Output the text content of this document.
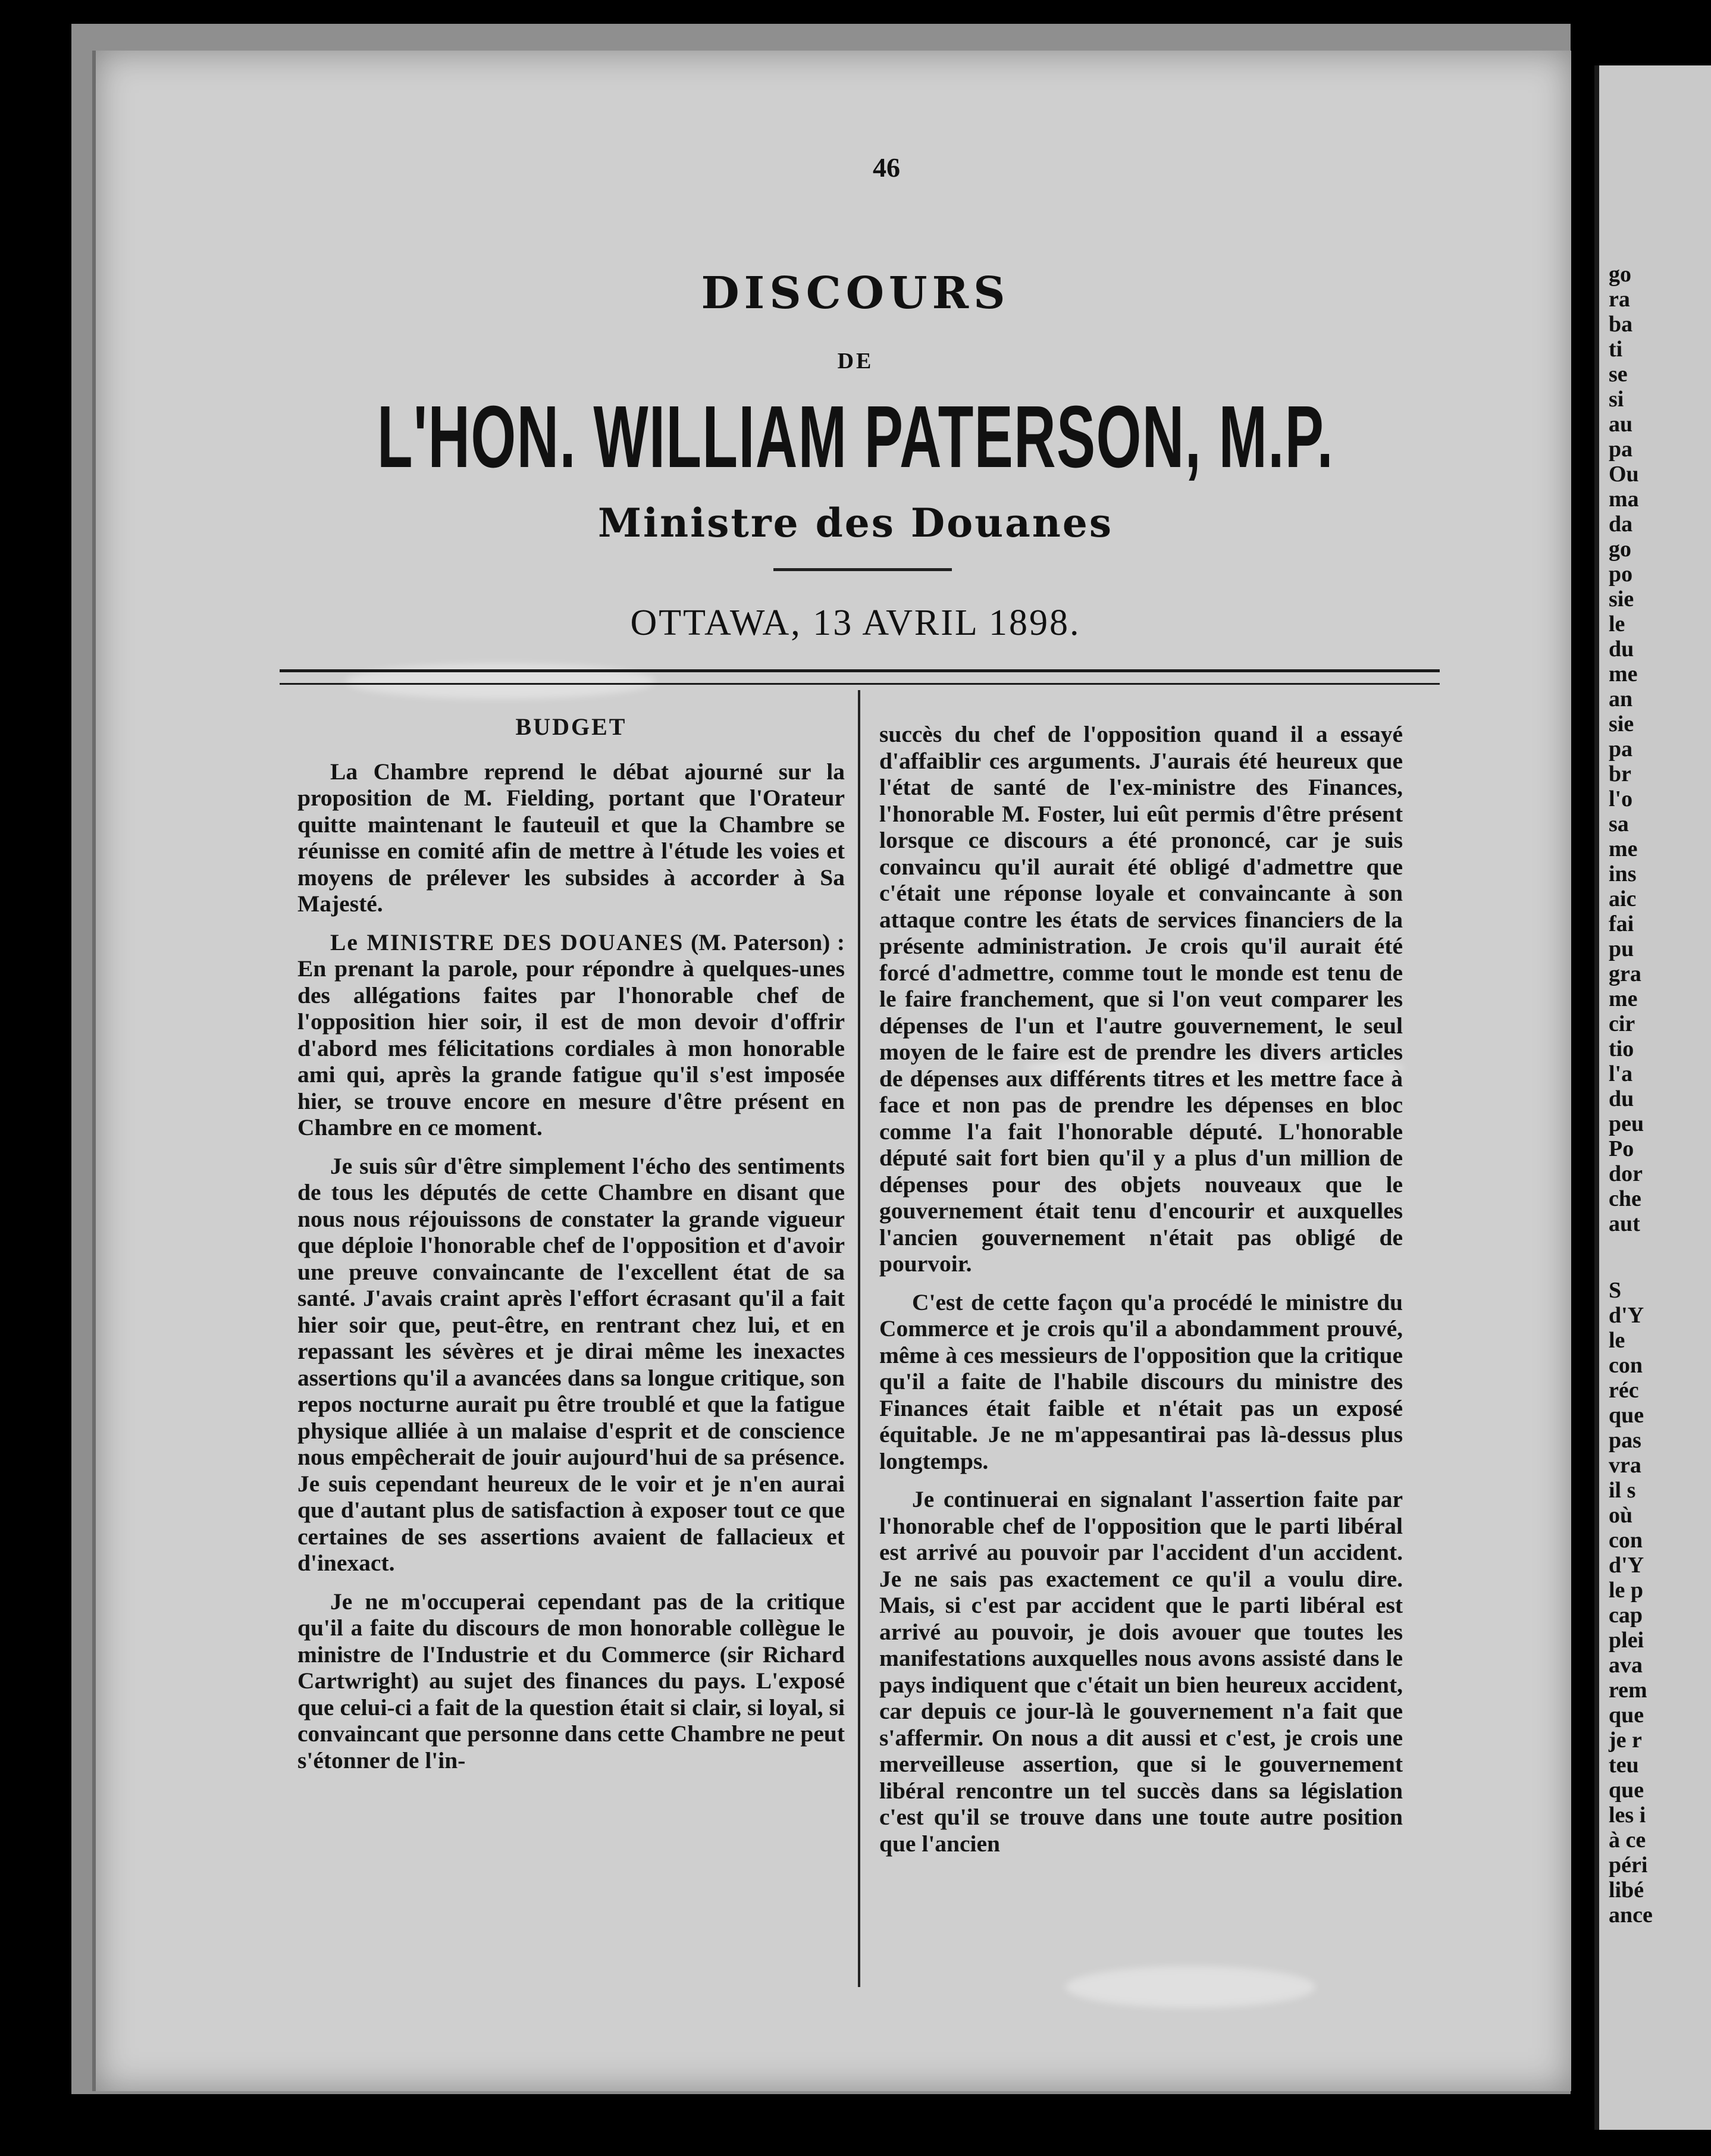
46
DISCOURS
DE
L'HON. WILLIAM PATERSON, M.P.
Ministre des Douanes
OTTAWA, 13 AVRIL 1898.
BUDGET

La Chambre reprend le débat ajourné sur la proposition de M. Fielding, portant que l'Orateur quitte maintenant le fauteuil et que la Chambre se réunisse en comité afin de mettre à l'étude les voies et moyens de prélever les subsides à accorder à Sa Majesté.

Le MINISTRE DES DOUANES (M. Paterson) : En prenant la parole, pour répondre à quelques-unes des allégations faites par l'honorable chef de l'opposition hier soir, il est de mon devoir d'offrir d'abord mes félicitations cordiales à mon honorable ami qui, après la grande fatigue qu'il s'est imposée hier, se trouve encore en mesure d'être présent en Chambre en ce moment.

Je suis sûr d'être simplement l'écho des sentiments de tous les députés de cette Chambre en disant que nous nous réjouissons de constater la grande vigueur que déploie l'honorable chef de l'opposition et d'avoir une preuve convaincante de l'excellent état de sa santé. J'avais craint après l'effort écrasant qu'il a fait hier soir que, peut-être, en rentrant chez lui, et en repassant les sévères et je dirai même les inexactes assertions qu'il a avancées dans sa longue critique, son repos nocturne aurait pu être troublé et que la fatigue physique alliée à un malaise d'esprit et de conscience nous empêcherait de jouir aujourd'hui de sa présence. Je suis cependant heureux de le voir et je n'en aurai que d'autant plus de satisfaction à exposer tout ce que certaines de ses assertions avaient de fallacieux et d'inexact.

Je ne m'occuperai cependant pas de la critique qu'il a faite du discours de mon honorable collègue le ministre de l'Industrie et du Commerce (sir Richard Cartwright) au sujet des finances du pays. L'exposé que celui-ci a fait de la question était si clair, si loyal, si convaincant que personne dans cette Chambre ne peut s'étonner de l'in-

succès du chef de l'opposition quand il a essayé d'affaiblir ces arguments. J'aurais été heureux que l'état de santé de l'ex-ministre des Finances, l'honorable M. Foster, lui eût permis d'être présent lorsque ce discours a été prononcé, car je suis convaincu qu'il aurait été obligé d'admettre que c'était une réponse loyale et convaincante à son attaque contre les états de services financiers de la présente administration. Je crois qu'il aurait été forcé d'admettre, comme tout le monde est tenu de le faire franchement, que si l'on veut comparer les dépenses de l'un et l'autre gouvernement, le seul moyen de le faire est de prendre les divers articles de dépenses aux différents titres et les mettre face à face et non pas de prendre les dépenses en bloc comme l'a fait l'honorable député. L'honorable député sait fort bien qu'il y a plus d'un million de dépenses pour des objets nouveaux que le gouvernement était tenu d'encourir et auxquelles l'ancien gouvernement n'était pas obligé de pourvoir.

C'est de cette façon qu'a procédé le ministre du Commerce et je crois qu'il a abondamment prouvé, même à ces messieurs de l'opposition que la critique qu'il a faite de l'habile discours du ministre des Finances était faible et n'était pas un exposé équitable. Je ne m'appesantirai pas là-dessus plus longtemps.

Je continuerai en signalant l'assertion faite par l'honorable chef de l'opposition que le parti libéral est arrivé au pouvoir par l'accident d'un accident. Je ne sais pas exactement ce qu'il a voulu dire. Mais, si c'est par accident que le parti libéral est arrivé au pouvoir, je dois avouer que toutes les manifestations auxquelles nous avons assisté dans le pays indiquent que c'était un bien heureux accident, car depuis ce jour-là le gouvernement n'a fait que s'affermir. On nous a dit aussi et c'est, je crois une merveilleuse assertion, que si le gouvernement libéral rencontre un tel succès dans sa législation c'est qu'il se trouve dans une toute autre position que l'ancien

go
ra
ba
ti
se
si
au
pa
Ou
ma
da
go
po
sie
le
du
me
an
sie
pa
br
l'o
sa
me
ins
aic
fai
pu
gra
me
cir
tio
l'a
du
peu
Po
dor
che
aut
S
d'Y
le
con
réc
que
pas
vra
il s
où
con
d'Y
le p
cap
plei
ava
rem
que
je r
teu
que
les i
à ce
péri
libé
ance
